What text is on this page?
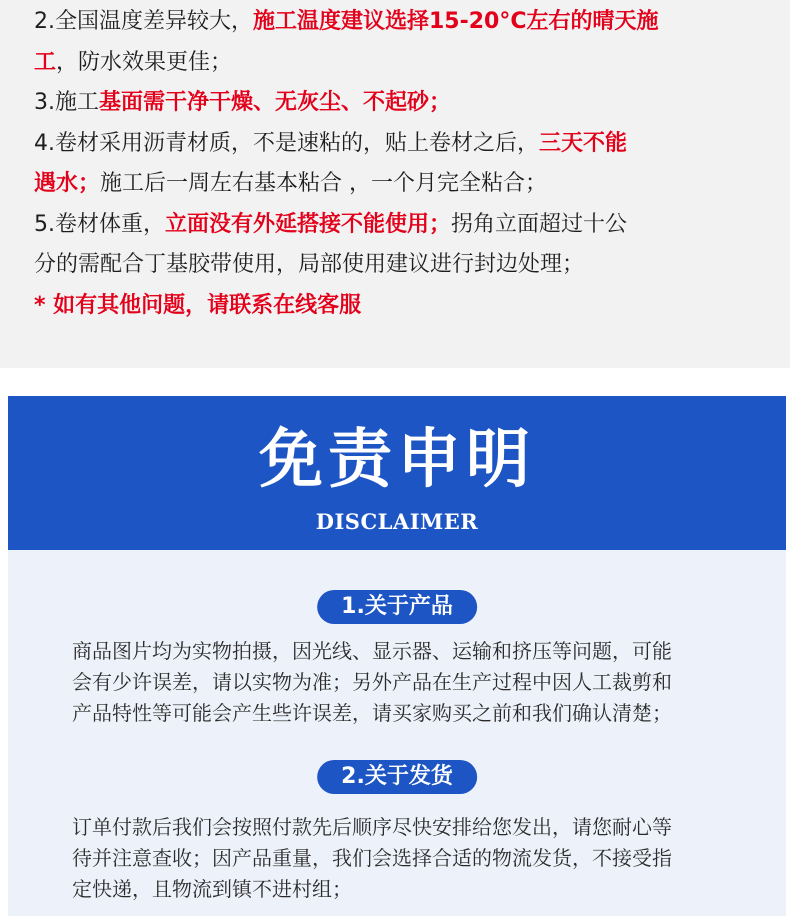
2.全国温度差异较大，施工温度建议选择15-20°C左右的晴天施
工，防水效果更佳；
3.施工基面需干净干燥、无灰尘、不起砂；
4.卷材采用沥青材质，不是速粘的，贴上卷材之后，三天不能
遇水；施工后一周左右基本粘合 ，一个月完全粘合；
5.卷材体重，立面没有外延搭接不能使用；拐角立面超过十公
分的需配合丁基胶带使用，局部使用建议进行封边处理；
* 如有其他问题，请联系在线客服
免责申明
DISCLAIMER
1.关于产品
商品图片均为实物拍摄，因光线、显示器、运输和挤压等问题，可能
会有少许误差，请以实物为准；另外产品在生产过程中因人工裁剪和
产品特性等可能会产生些许误差，请买家购买之前和我们确认清楚；
2.关于发货
订单付款后我们会按照付款先后顺序尽快安排给您发出，请您耐心等
待并注意查收；因产品重量，我们会选择合适的物流发货，不接受指
定快递，且物流到镇不进村组；
